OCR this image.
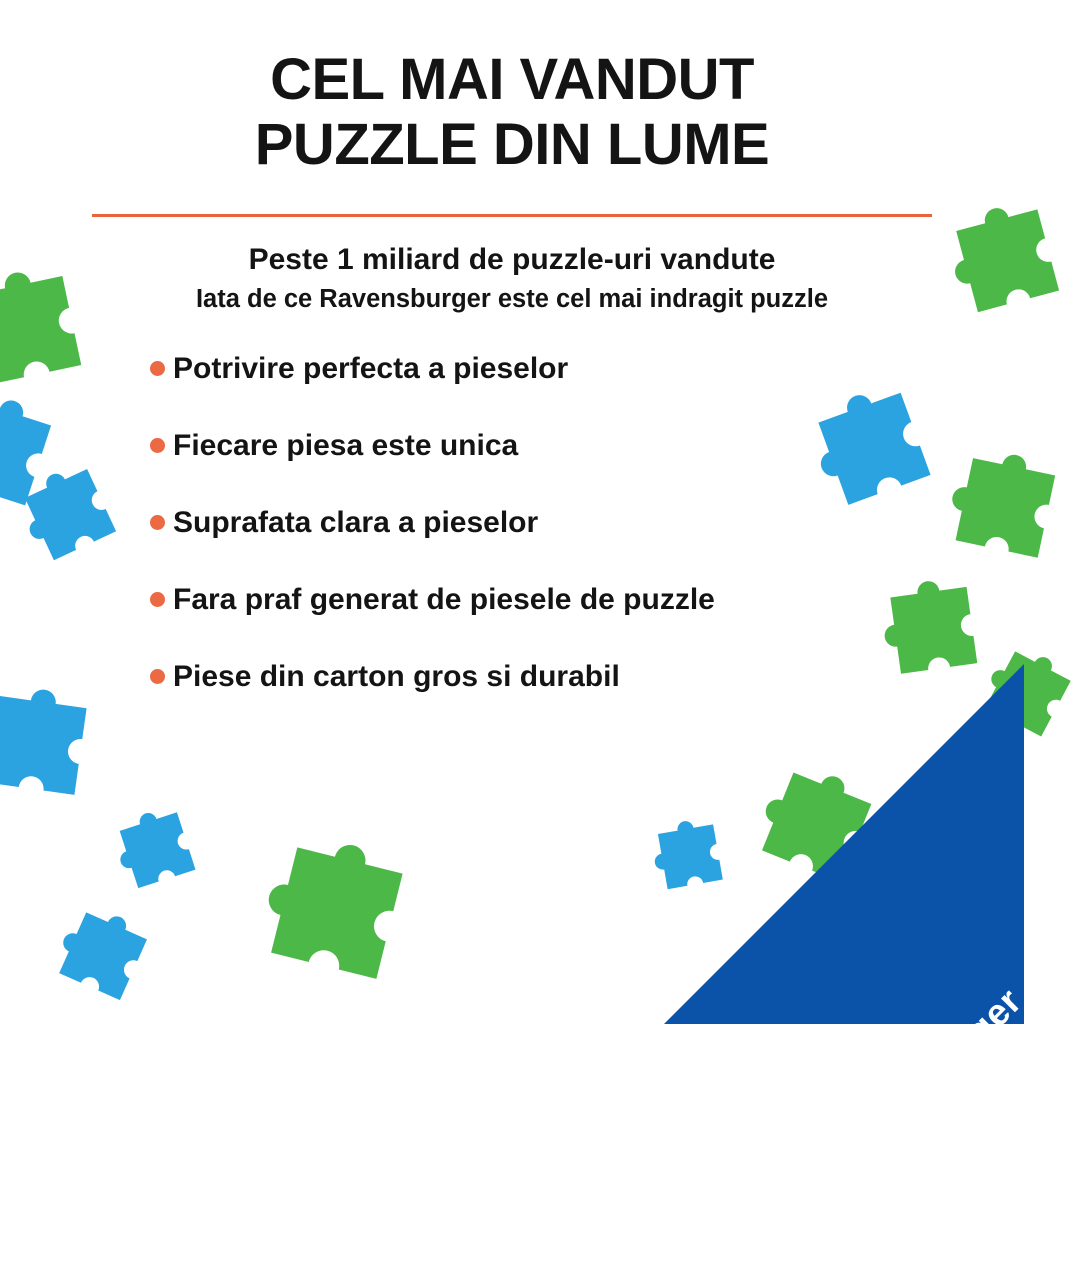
CEL MAI VANDUT
PUZZLE DIN LUME
Peste 1 miliard de puzzle-uri vandute
Iata de ce Ravensburger este cel mai indragit puzzle
Potrivire perfecta a pieselor
Fiecare piesa este unica
Suprafata clara a pieselor
Fara praf generat de piesele de puzzle
Piese din carton gros si durabil
Ravensburger
